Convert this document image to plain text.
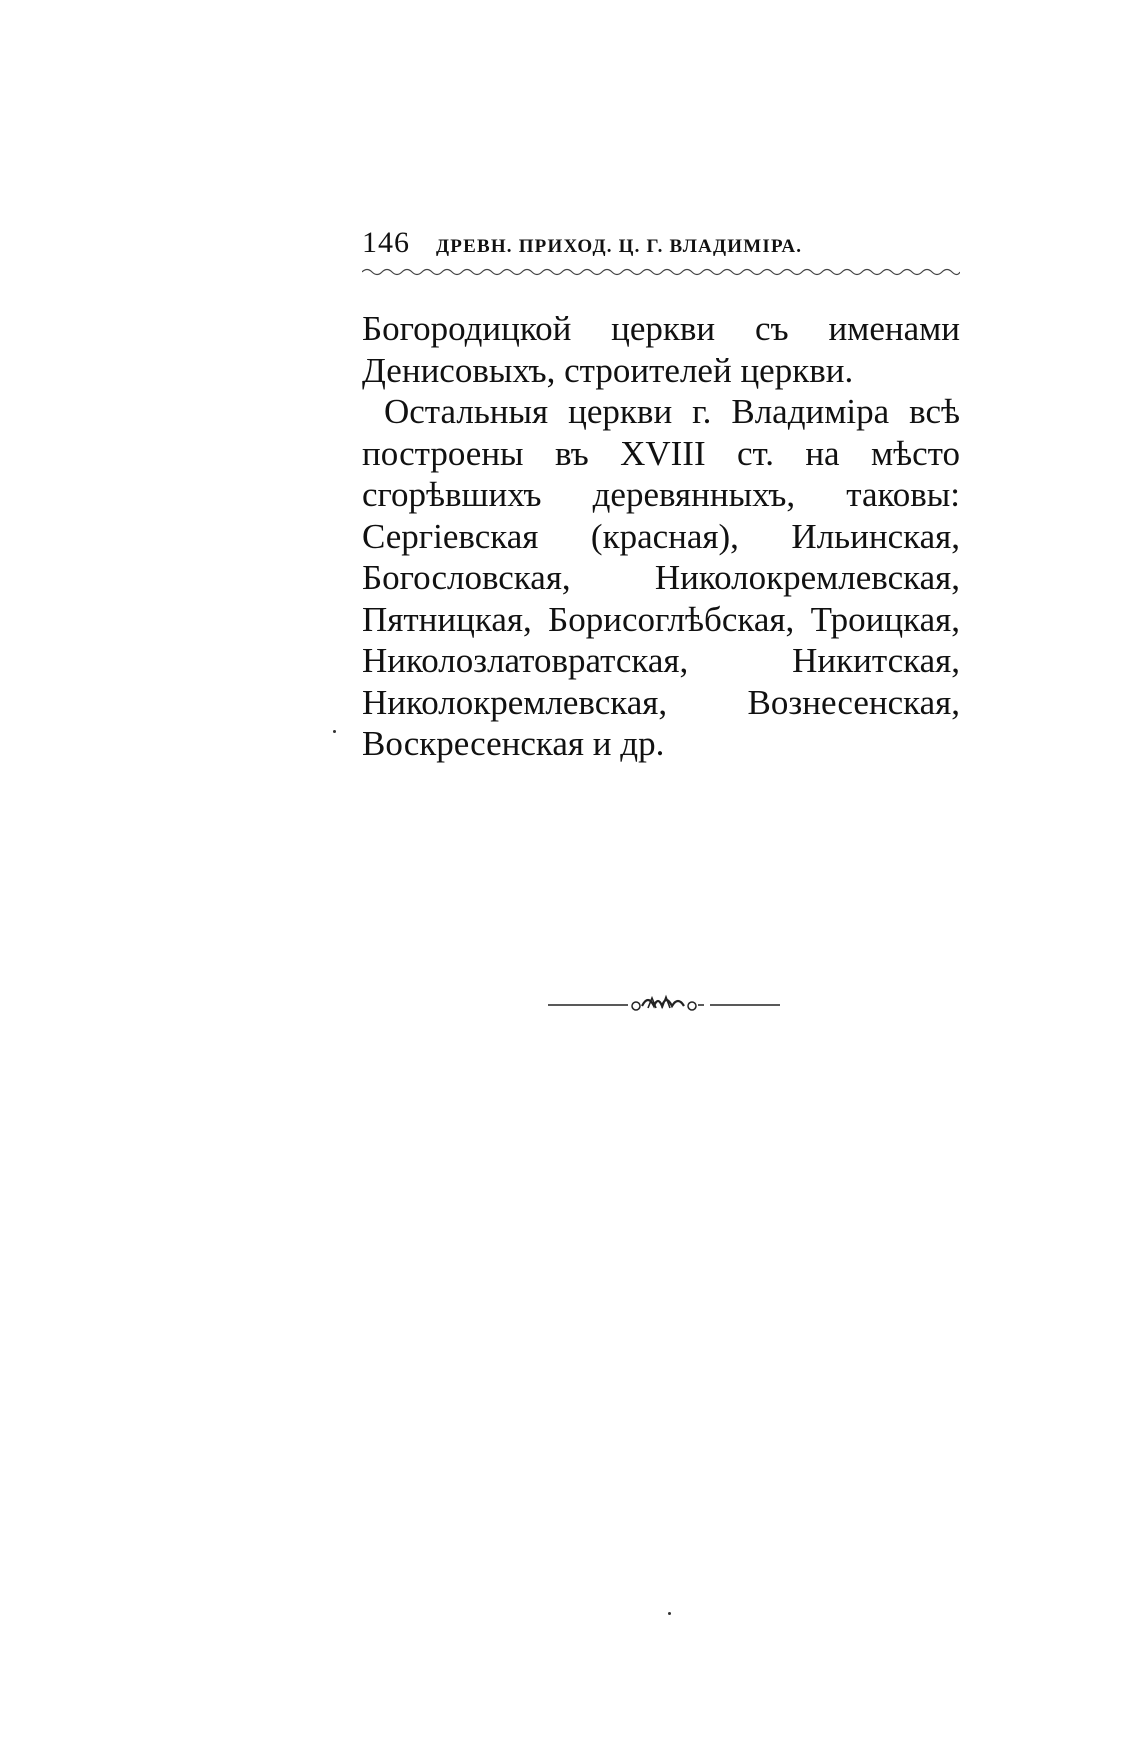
146 ДРЕВН. ПРИХОД. Ц. Г. ВЛАДИМІРА.

Богородицкой церкви съ именами Денисовыхъ, строителей церкви.

Остальныя церкви г. Владиміра всѣ построены въ XVIII ст. на мѣсто сгорѣвшихъ деревянныхъ, таковы: Сергіевская (красная), Ильинская, Богословская, Николокремлевская, Пятницкая, Борисоглѣбская, Троицкая, Николозлатовратская, Никитская, Николокремлевская, Вознесенская, Воскресенская и др.
